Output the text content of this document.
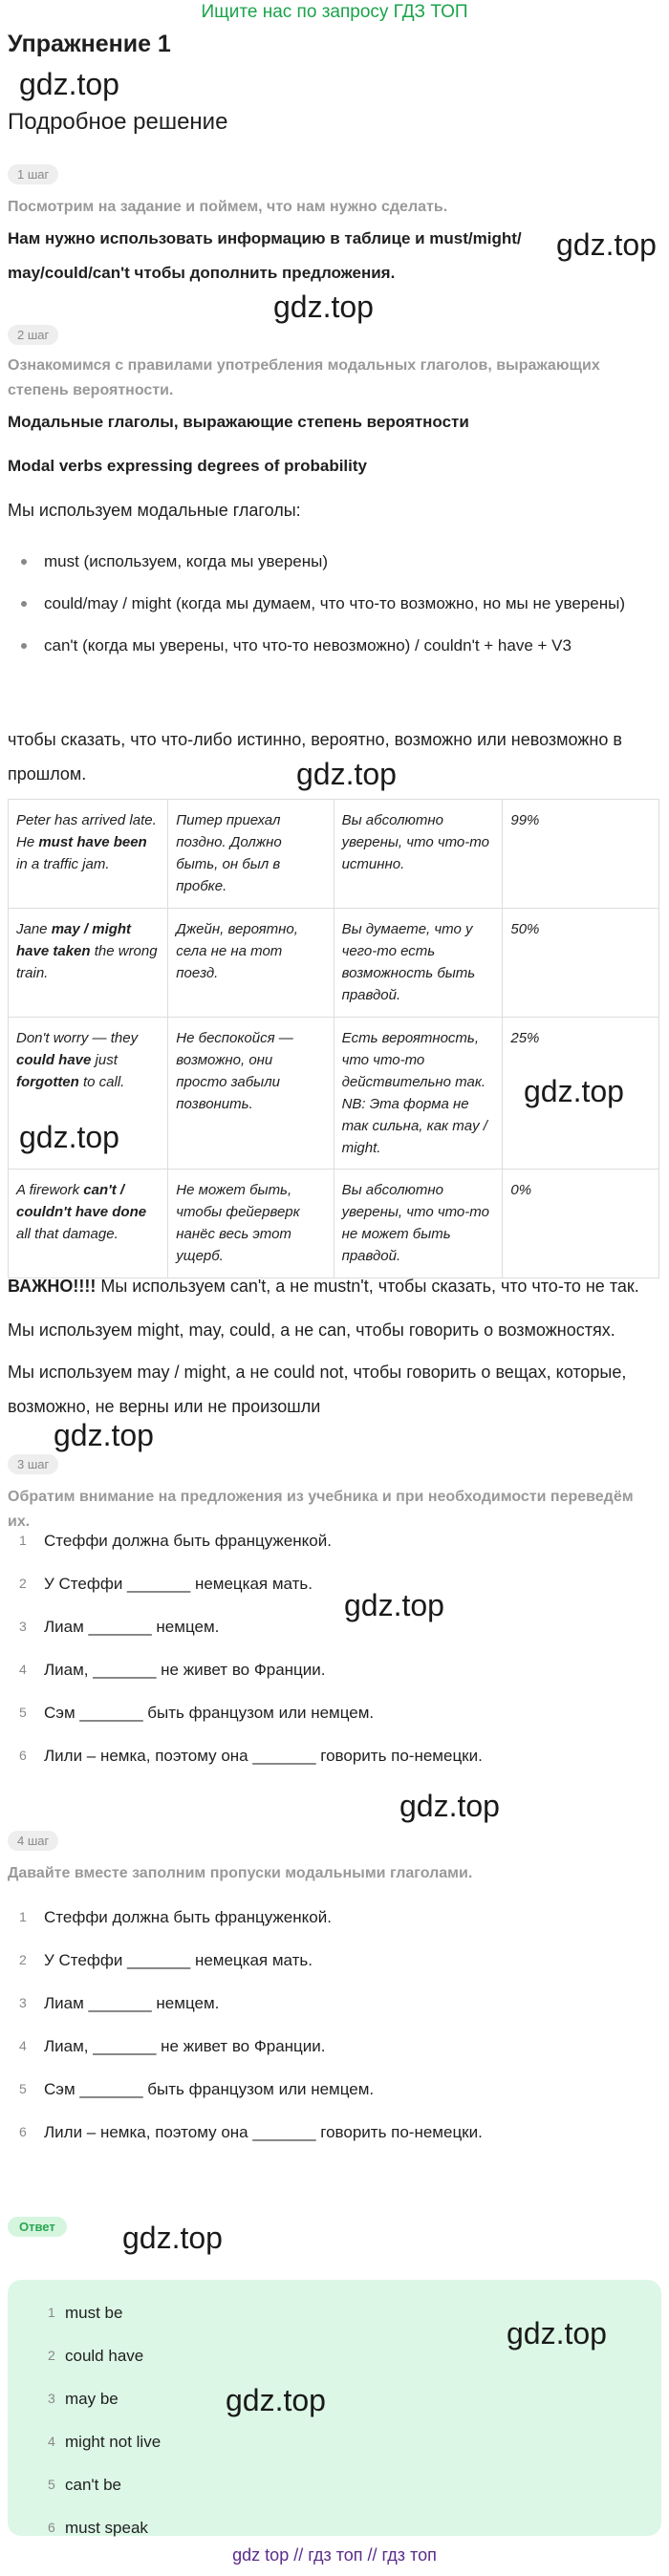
Ищите нас по запросу ГДЗ ТОП
Упражнение 1
gdz.top
Подробное решение
1 шаг
Посмотрим на задание и поймем, что нам нужно сделать.
Нам нужно использовать информацию в таблице и must/might/
may/could/can't чтобы дополнить предложения.
gdz.top
gdz.top
2 шаг
Ознакомимся с правилами употребления модальных глаголов, выражающих степень вероятности.
Модальные глаголы, выражающие степень вероятности
Modal verbs expressing degrees of probability
Мы используем модальные глаголы:
must (используем, когда мы уверены)
could/may / might (когда мы думаем, что что-то возможно, но мы не уверены)
can't (когда мы уверены, что что-то невозможно) / couldn't + have + V3
чтобы сказать, что что-либо истинно, вероятно, возможно или невозможно в прошлом.	gdz.top
Peter has arrived late. He must have been in a traffic jam.	Питер приехал поздно. Должно быть, он был в пробке.	Вы абсолютно уверены, что что-то истинно.	99%
Jane may / might have taken the wrong train.	Джейн, вероятно, села не на тот поезд.	Вы думаете, что у чего-то есть возможность быть правдой.	50%
Don't worry — they could have just forgotten to call.	Не беспокойся — возможно, они просто забыли позвонить.	Есть вероятность, что что-то действительно так. NB: Эта форма не так сильна, как may / might.	25%
A firework can't / couldn't have done all that damage.	Не может быть, чтобы фейерверк нанёс весь этот ущерб.	Вы абсолютно уверены, что что-то не может быть правдой.	0%
gdz.top
gdz.top
ВАЖНО!!!! Мы используем can't, а не mustn't, чтобы сказать, что что-то не так.
Мы используем might, may, could, а не can, чтобы говорить о возможностях.
Мы используем may / might, а не could not, чтобы говорить о вещах, которые, возможно, не верны или не произошли
gdz.top
3 шаг
Обратим внимание на предложения из учебника и при необходимости переведём их.
1 Стеффи должна быть француженкой.
2 У Стеффи _______ немецкая мать.
3 Лиам _______ немцем.
4 Лиам, _______ не живет во Франции.
5 Сэм _______ быть французом или немцем.
6 Лили – немка, поэтому она _______ говорить по-немецки.
gdz.top
gdz.top
4 шаг
Давайте вместе заполним пропуски модальными глаголами.
1 Стеффи должна быть француженкой.
2 У Стеффи _______ немецкая мать.
3 Лиам _______ немцем.
4 Лиам, _______ не живет во Франции.
5 Сэм _______ быть французом или немцем.
6 Лили – немка, поэтому она _______ говорить по-немецки.
Ответ	gdz.top
1 must be
2 could have
3 may be
4 might not live
5 can't be
6 must speak
gdz.top
gdz.top
gdz top // гдз топ // гдз топ
